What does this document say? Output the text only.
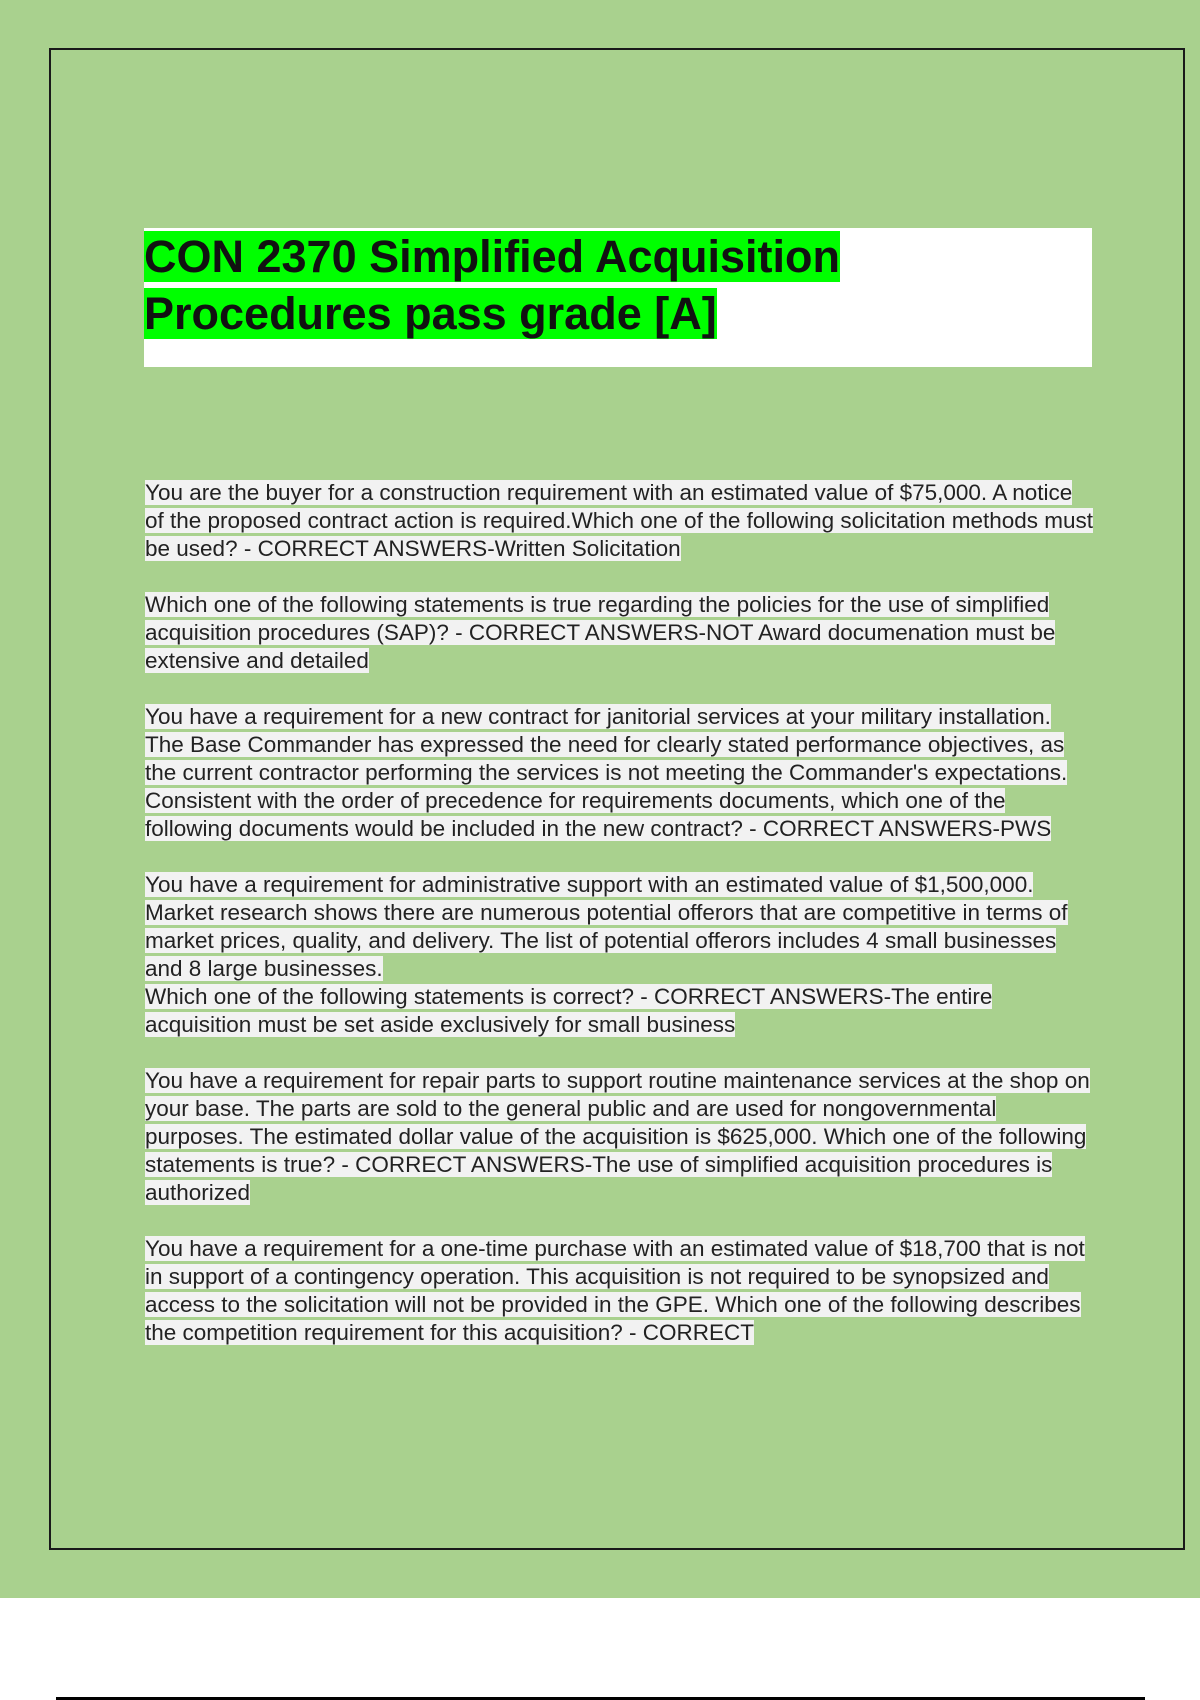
CON 2370 Simplified Acquisition
Procedures pass grade [A]

You are the buyer for a construction requirement with an estimated value of $75,000. A notice of the proposed contract action is required.Which one of the following solicitation methods must be used? - CORRECT ANSWERS-Written Solicitation

Which one of the following statements is true regarding the policies for the use of simplified acquisition procedures (SAP)? - CORRECT ANSWERS-NOT Award documenation must be extensive and detailed

You have a requirement for a new contract for janitorial services at your military installation. The Base Commander has expressed the need for clearly stated performance objectives, as the current contractor performing the services is not meeting the Commander's expectations.
Consistent with the order of precedence for requirements documents, which one of the following documents would be included in the new contract? - CORRECT ANSWERS-PWS

You have a requirement for administrative support with an estimated value of $1,500,000. Market research shows there are numerous potential offerors that are competitive in terms of market prices, quality, and delivery. The list of potential offerors includes 4 small businesses and 8 large businesses.
Which one of the following statements is correct? - CORRECT ANSWERS-The entire acquisition must be set aside exclusively for small business

You have a requirement for repair parts to support routine maintenance services at the shop on your base. The parts are sold to the general public and are used for nongovernmental purposes. The estimated dollar value of the acquisition is $625,000. Which one of the following statements is true? - CORRECT ANSWERS-The use of simplified acquisition procedures is authorized

You have a requirement for a one-time purchase with an estimated value of $18,700 that is not in support of a contingency operation. This acquisition is not required to be synopsized and access to the solicitation will not be provided in the GPE. Which one of the following describes the competition requirement for this acquisition? - CORRECT
